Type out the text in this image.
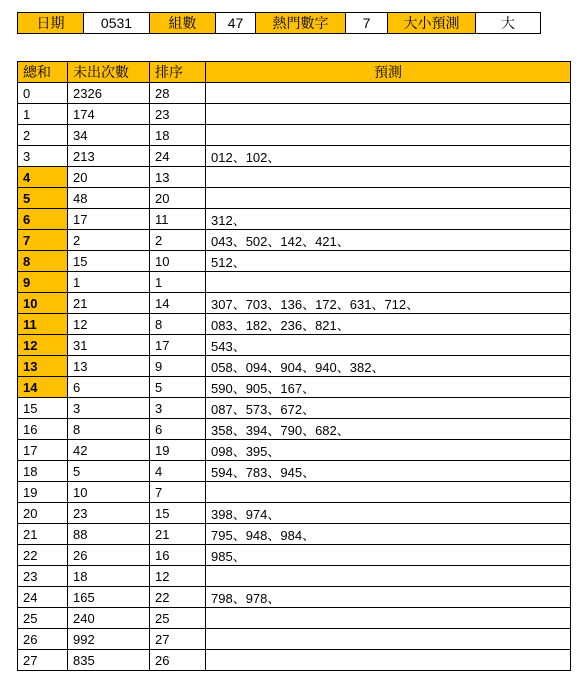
日期	0531	組數	47	熱門數字	7	大小預測	大
總和	未出次數	排序	預測
0	2326	28	
1	174	23	
2	34	18	
3	213	24	012、102、
4	20	13	
5	48	20	
6	17	11	312、
7	2	2	043、502、142、421、
8	15	10	512、
9	1	1	
10	21	14	307、703、136、172、631、712、
11	12	8	083、182、236、821、
12	31	17	543、
13	13	9	058、094、904、940、382、
14	6	5	590、905、167、
15	3	3	087、573、672、
16	8	6	358、394、790、682、
17	42	19	098、395、
18	5	4	594、783、945、
19	10	7	
20	23	15	398、974、
21	88	21	795、948、984、
22	26	16	985、
23	18	12	
24	165	22	798、978、
25	240	25	
26	992	27	
27	835	26	
